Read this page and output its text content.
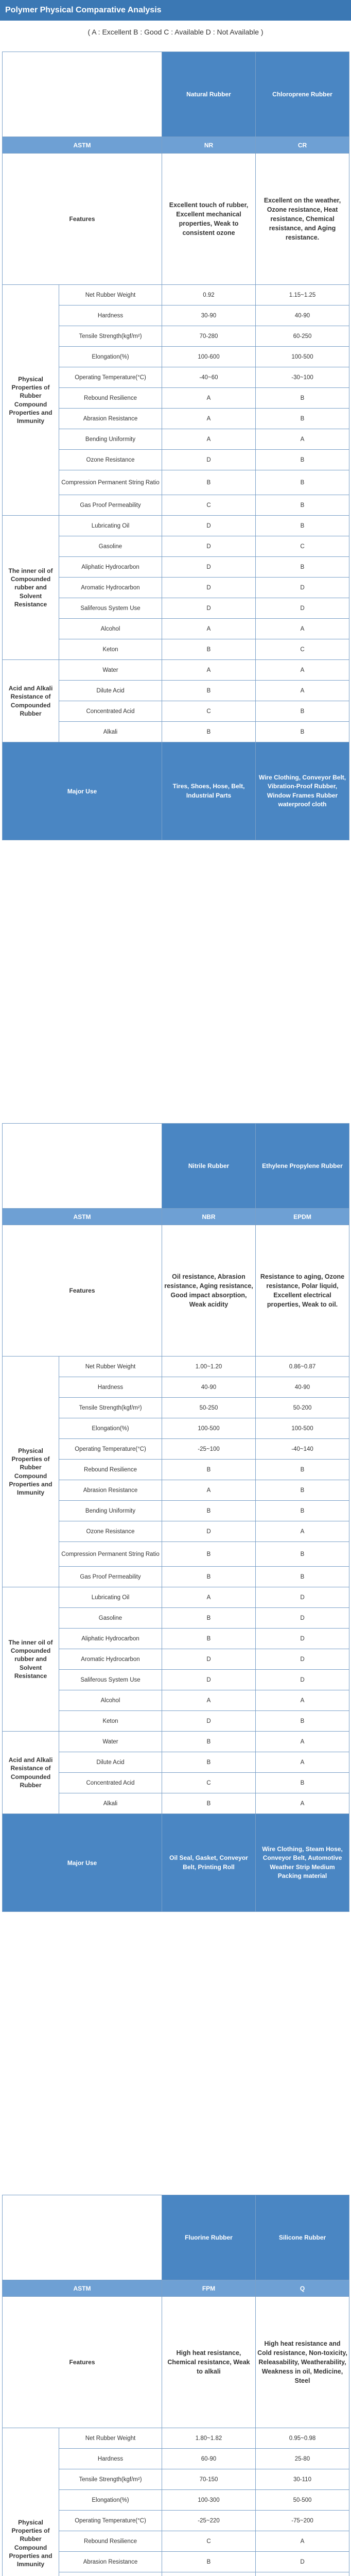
Polymer Physical Comparative Analysis
( A : Excellent B : Good C : Available D : Not Available )
		Natural Rubber	Chloroprene Rubber
ASTM		NR	CR
Features		Excellent touch of rubber, Excellent mechanical properties, Weak to consistent ozone	Excellent on the weather, Ozone resistance, Heat resistance, Chemical resistance, and Aging resistance.
Physical Properties of Rubber Compound Properties and Immunity	Net Rubber Weight	0.92	1.15~1.25
	Hardness	30-90	40-90
	Tensile Strength(kgf/m²)	70-280	60-250
	Elongation(%)	100-600	100-500
	Operating Temperature(°C)	-40~60	-30~100
	Rebound Resilience	A	B
	Abrasion Resistance	A	B
	Bending Uniformity	A	A
	Ozone Resistance	D	B
	Compression Permanent String Ratio	B	B
	Gas Proof Permeability	C	B
The inner oil of Compounded rubber and Solvent Resistance	Lubricating Oil	D	B
	Gasoline	D	C
	Aliphatic Hydrocarbon	D	B
	Aromatic Hydrocarbon	D	D
	Saliferous System Use	D	D
	Alcohol	A	A
	Keton	B	C
Acid and Alkali Resistance of Compounded Rubber	Water	A	A
	Dilute Acid	B	A
	Concentrated Acid	C	B
	Alkali	B	B
Major Use		Tires, Shoes, Hose, Belt, Industrial Parts	Wire Clothing, Conveyor Belt, Vibration-Proof Rubber, Window Frames Rubber waterproof cloth
		Nitrile Rubber	Ethylene Propylene Rubber
ASTM		NBR	EPDM
Features		Oil resistance, Abrasion resistance, Aging resistance, Good impact absorption, Weak acidity	Resistance to aging, Ozone resistance, Polar liquid, Excellent electrical properties, Weak to oil.
Physical Properties of Rubber Compound Properties and Immunity	Net Rubber Weight	1.00~1.20	0.86~0.87
	Hardness	40-90	40-90
	Tensile Strength(kgf/m²)	50-250	50-200
	Elongation(%)	100-500	100-500
	Operating Temperature(°C)	-25~100	-40~140
	Rebound Resilience	B	B
	Abrasion Resistance	A	B
	Bending Uniformity	B	B
	Ozone Resistance	D	A
	Compression Permanent String Ratio	B	B
	Gas Proof Permeability	B	B
The inner oil of Compounded rubber and Solvent Resistance	Lubricating Oil	A	D
	Gasoline	B	D
	Aliphatic Hydrocarbon	B	D
	Aromatic Hydrocarbon	D	D
	Saliferous System Use	D	D
	Alcohol	A	A
	Keton	D	B
Acid and Alkali Resistance of Compounded Rubber	Water	B	A
	Dilute Acid	B	A
	Concentrated Acid	C	B
	Alkali	B	A
Major Use		Oil Seal, Gasket, Conveyor Belt, Printing Roll	Wire Clothing, Steam Hose, Conveyor Belt, Automotive Weather Strip Medium Packing material
		Fluorine Rubber	Silicone Rubber
ASTM		FPM	Q
Features		High heat resistance, Chemical resistance, Weak to alkali	High heat resistance and Cold resistance, Non-toxicity, Releasability, Weatherability, Weakness in oil, Medicine, Steel
Physical Properties of Rubber Compound Properties and Immunity	Net Rubber Weight	1.80~1.82	0.95~0.98
	Hardness	60-90	25-80
	Tensile Strength(kgf/m²)	70-150	30-110
	Elongation(%)	100-300	50-500
	Operating Temperature(°C)	-25~220	-75~200
	Rebound Resilience	C	A
	Abrasion Resistance	B	D
